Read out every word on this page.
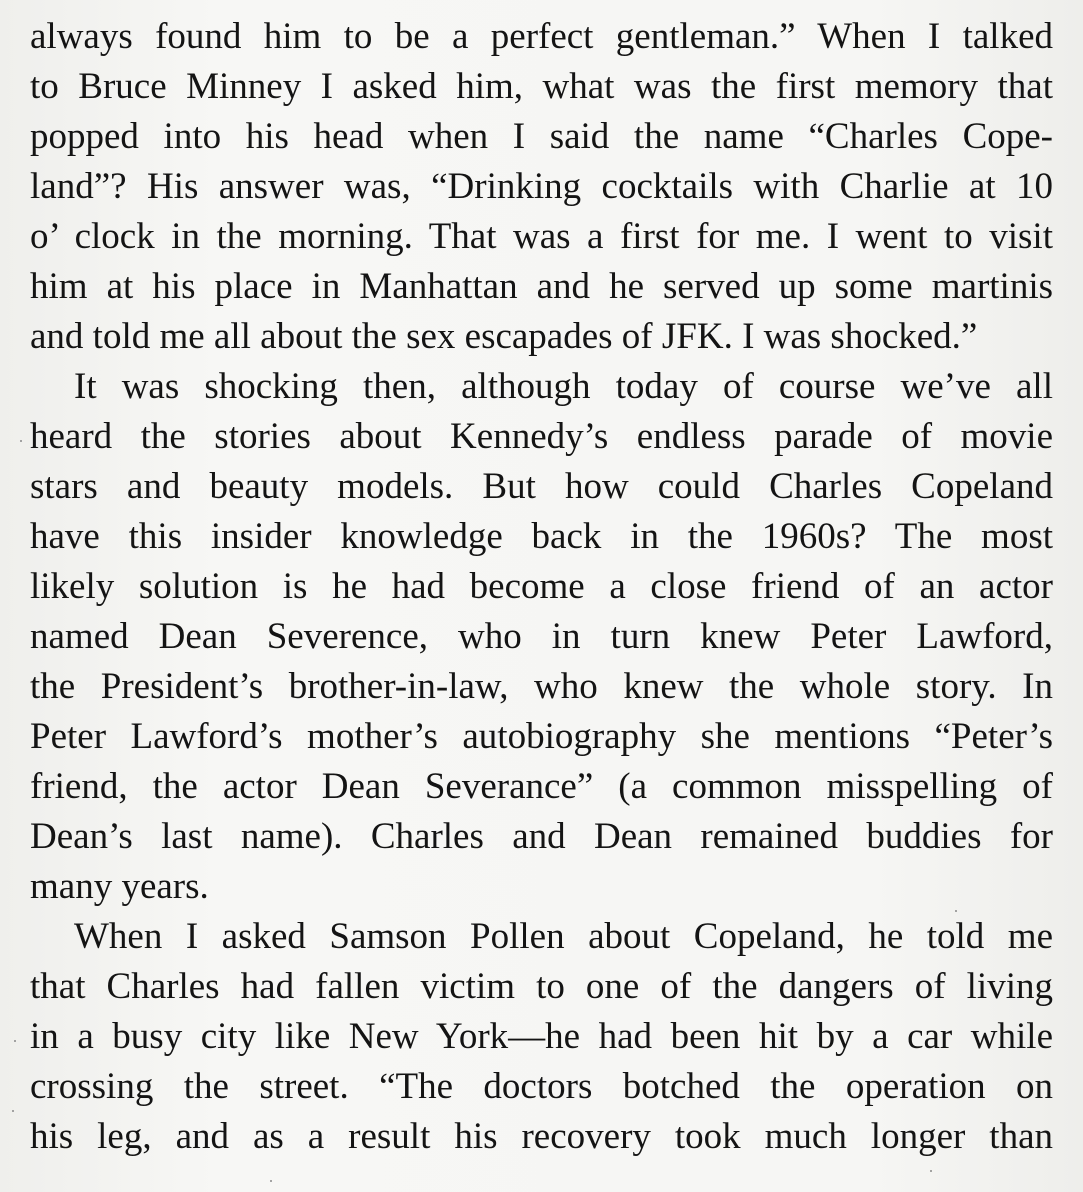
always found him to be a perfect gentleman.” When I talked
to Bruce Minney I asked him, what was the first memory that
popped into his head when I said the name “Charles Cope-
land”? His answer was, “Drinking cocktails with Charlie at 10
o’ clock in the morning. That was a first for me. I went to visit
him at his place in Manhattan and he served up some martinis
and told me all about the sex escapades of JFK. I was shocked.”
It was shocking then, although today of course we’ve all
heard the stories about Kennedy’s endless parade of movie
stars and beauty models. But how could Charles Copeland
have this insider knowledge back in the 1960s? The most
likely solution is he had become a close friend of an actor
named Dean Severence, who in turn knew Peter Lawford,
the President’s brother-in-law, who knew the whole story. In
Peter Lawford’s mother’s autobiography she mentions “Peter’s
friend, the actor Dean Severance” (a common misspelling of
Dean’s last name). Charles and Dean remained buddies for
many years.
When I asked Samson Pollen about Copeland, he told me
that Charles had fallen victim to one of the dangers of living
in a busy city like New York—he had been hit by a car while
crossing the street. “The doctors botched the operation on
his leg, and as a result his recovery took much longer than
